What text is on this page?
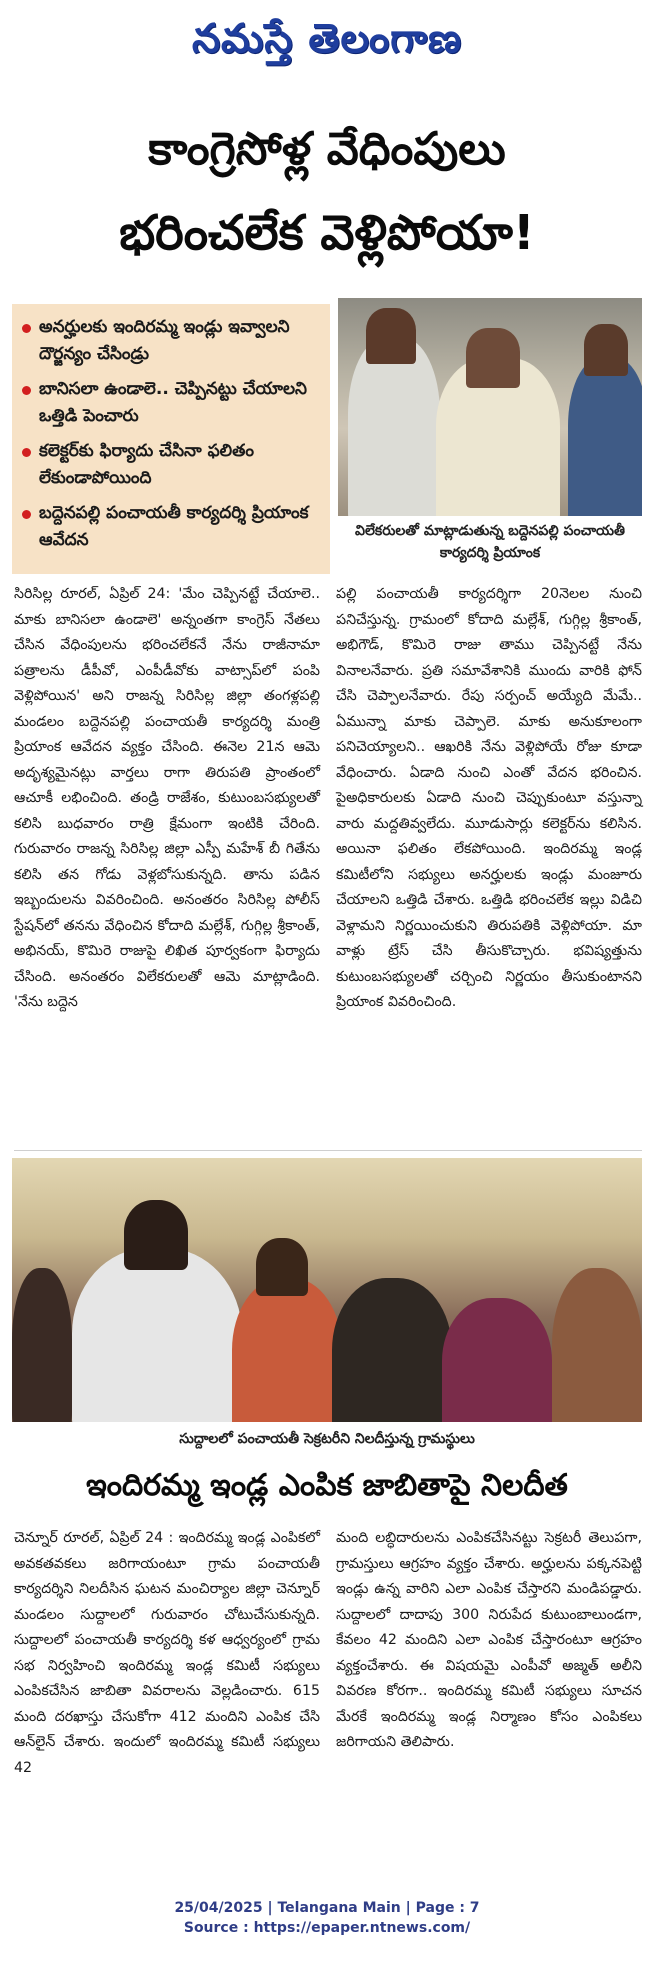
నమస్తే తెలంగాణ
కాంగ్రెసోళ్ల వేధింపులు
భరించలేక వెళ్లిపోయా!
అనర్హులకు ఇందిరమ్మ ఇండ్లు ఇవ్వాలని దౌర్జన్యం చేసిండ్రు
బానిసలా ఉండాలె.. చెప్పినట్టు చేయాలని ఒత్తిడి పెంచారు
కలెక్టర్‌కు ఫిర్యాదు చేసినా ఫలితం లేకుండాపోయింది
బద్దెనపల్లి పంచాయతీ కార్యదర్శి ప్రియాంక ఆవేదన	విలేకరులతో మాట్లాడుతున్న బద్దెనపల్లి పంచాయతీ కార్యదర్శి ప్రియాంక
సిరిసిల్ల రూరల్, ఏప్రిల్ 24: 'మేం చెప్పినట్టే చేయాలె.. మాకు బానిసలా ఉండాలె' అన్నంతగా కాంగ్రెస్ నేతలు చేసిన వేధింపులను భరించలేకనే నేను రాజీనామా పత్రాలను డీపీవో, ఎంపీడీవోకు వాట్సాప్‌లో పంపి వెళ్లిపోయిన' అని రాజన్న సిరిసిల్ల జిల్లా తంగళ్లపల్లి మండలం బద్దెనపల్లి పంచాయతీ కార్యదర్శి మంత్రి ప్రియాంక ఆవేదన వ్యక్తం చేసింది. ఈనెల 21న ఆమె అదృశ్యమైనట్లు వార్తలు రాగా తిరుపతి ప్రాంతంలో ఆచూకీ లభించింది. తండ్రి రాజేశం, కుటుంబసభ్యులతో కలిసి బుధవారం రాత్రి క్షేమంగా ఇంటికి చేరింది. గురువారం రాజన్న సిరిసిల్ల జిల్లా ఎస్పీ మహేశ్ బీ గితేను కలిసి తన గోడు వెళ్లబోసుకున్నది. తాను పడిన ఇబ్బందులను వివరించింది. అనంతరం సిరిసిల్ల పోలీస్ స్టేషన్‌లో తనను వేధించిన కోదాది మల్లేశ్, గుగ్గిల్ల శ్రీకాంత్, అభినయ్, కొమిరె రాజుపై లిఖిత పూర్వకంగా ఫిర్యాదు చేసింది. అనంతరం విలేకరులతో ఆమె మాట్లాడింది. 'నేను బద్దెన
పల్లి పంచాయతీ కార్యదర్శిగా 20నెలల నుంచి పనిచేస్తున్న. గ్రామంలో కోదాది మల్లేశ్, గుగ్గిల్ల శ్రీకాంత్, అభిగౌడ్, కొమిరె రాజు తాము చెప్పినట్టే నేను వినాలనేవారు. ప్రతి సమావేశానికి ముందు వారికి ఫోన్ చేసి చెప్పాలనేవారు. రేపు సర్పంచ్ అయ్యేది మేమే.. ఏమున్నా మాకు చెప్పాలె. మాకు అనుకూలంగా పనిచెయ్యాలని.. ఆఖరికి నేను వెళ్లిపోయే రోజు కూడా వేధించారు. ఏడాది నుంచి ఎంతో వేదన భరించిన. పైఅధికారులకు ఏడాది నుంచి చెప్పుకుంటూ వస్తున్నా వారు మద్దతివ్వలేదు. మూడుసార్లు కలెక్టర్‌ను కలిసిన. అయినా ఫలితం లేకపోయింది. ఇందిరమ్మ ఇండ్ల కమిటీలోని సభ్యులు అనర్హులకు ఇండ్లు మంజూరు చేయాలని ఒత్తిడి చేశారు. ఒత్తిడి భరించలేక ఇల్లు విడిచి వెళ్లామని నిర్ణయించుకుని తిరుపతికి వెళ్లిపోయా. మా వాళ్లు ట్రేస్ చేసి తీసుకొచ్చారు. భవిష్యత్తును కుటుంబసభ్యులతో చర్చించి నిర్ణయం తీసుకుంటానని ప్రియాంక వివరించింది.
సుద్దాలలో పంచాయతీ సెక్రటరీని నిలదీస్తున్న గ్రామస్థులు
ఇందిరమ్మ ఇండ్ల ఎంపిక జాబితాపై నిలదీత
చెన్నూర్ రూరల్, ఏప్రిల్ 24 : ఇందిరమ్మ ఇండ్ల ఎంపికలో అవకతవకలు జరిగాయంటూ గ్రామ పంచాయతీ కార్యదర్శిని నిలదీసిన ఘటన మంచిర్యాల జిల్లా చెన్నూర్ మండలం సుద్దాలలో గురువారం చోటుచేసుకున్నది. సుద్దాలలో పంచాయతీ కార్యదర్శి కళ ఆధ్వర్యంలో గ్రామ సభ నిర్వహించి ఇందిరమ్మ ఇండ్ల కమిటీ సభ్యులు ఎంపికచేసిన జాబితా వివరాలను వెల్లడించారు. 615 మంది దరఖాస్తు చేసుకోగా 412 మందిని ఎంపిక చేసి ఆన్‌లైన్ చేశారు. ఇందులో ఇందిరమ్మ కమిటీ సభ్యులు 42
మంది లబ్ధిదారులను ఎంపికచేసినట్టు సెక్రటరీ తెలుపగా, గ్రామస్తులు ఆగ్రహం వ్యక్తం చేశారు. అర్హులను పక్కనపెట్టి ఇండ్లు ఉన్న వారిని ఎలా ఎంపిక చేస్తారని మండిపడ్డారు. సుద్దాలలో దాదాపు 300 నిరుపేద కుటుంబాలుండగా, కేవలం 42 మందిని ఎలా ఎంపిక చేస్తారంటూ ఆగ్రహం వ్యక్తంచేశారు. ఈ విషయమై ఎంపీవో అజ్మత్ అలీని వివరణ కోరగా.. ఇందిరమ్మ కమిటీ సభ్యులు సూచన మేరకే ఇందిరమ్మ ఇండ్ల నిర్మాణం కోసం ఎంపికలు జరిగాయని తెలిపారు.
25/04/2025 | Telangana Main | Page : 7
Source : https://epaper.ntnews.com/
